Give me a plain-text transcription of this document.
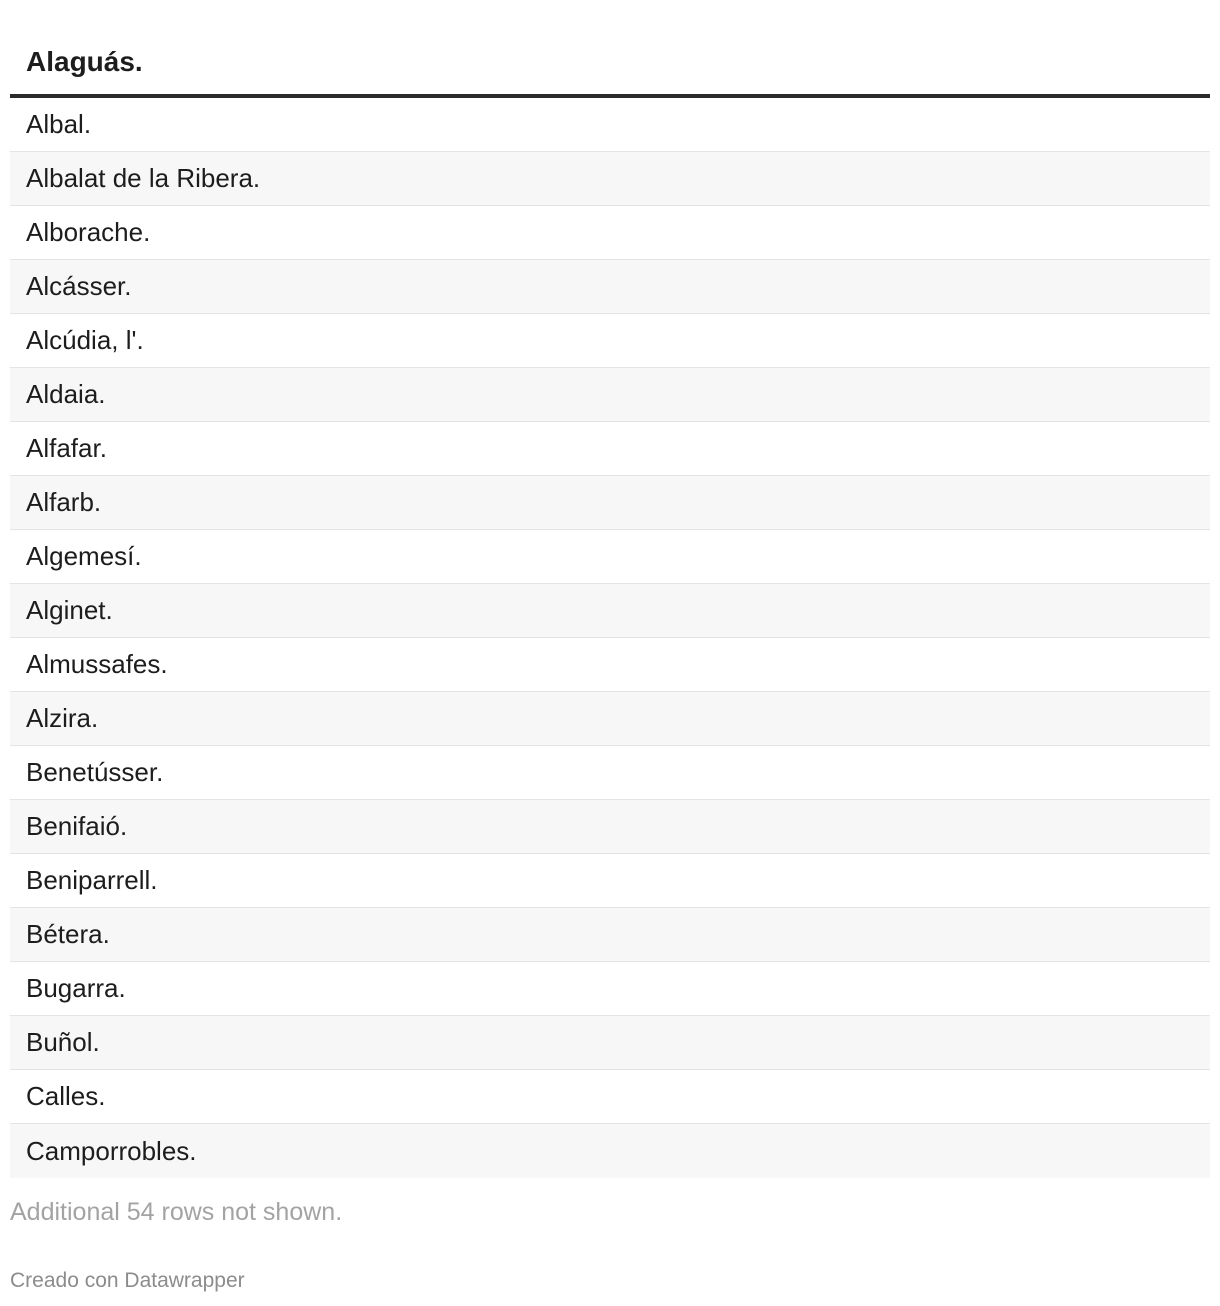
Alaguás.
Albal.
Albalat de la Ribera.
Alborache.
Alcásser.
Alcúdia, l'.
Aldaia.
Alfafar.
Alfarb.
Algemesí.
Alginet.
Almussafes.
Alzira.
Benetússer.
Benifaió.
Beniparrell.
Bétera.
Bugarra.
Buñol.
Calles.
Camporrobles.
Additional 54 rows not shown.
Creado con Datawrapper
